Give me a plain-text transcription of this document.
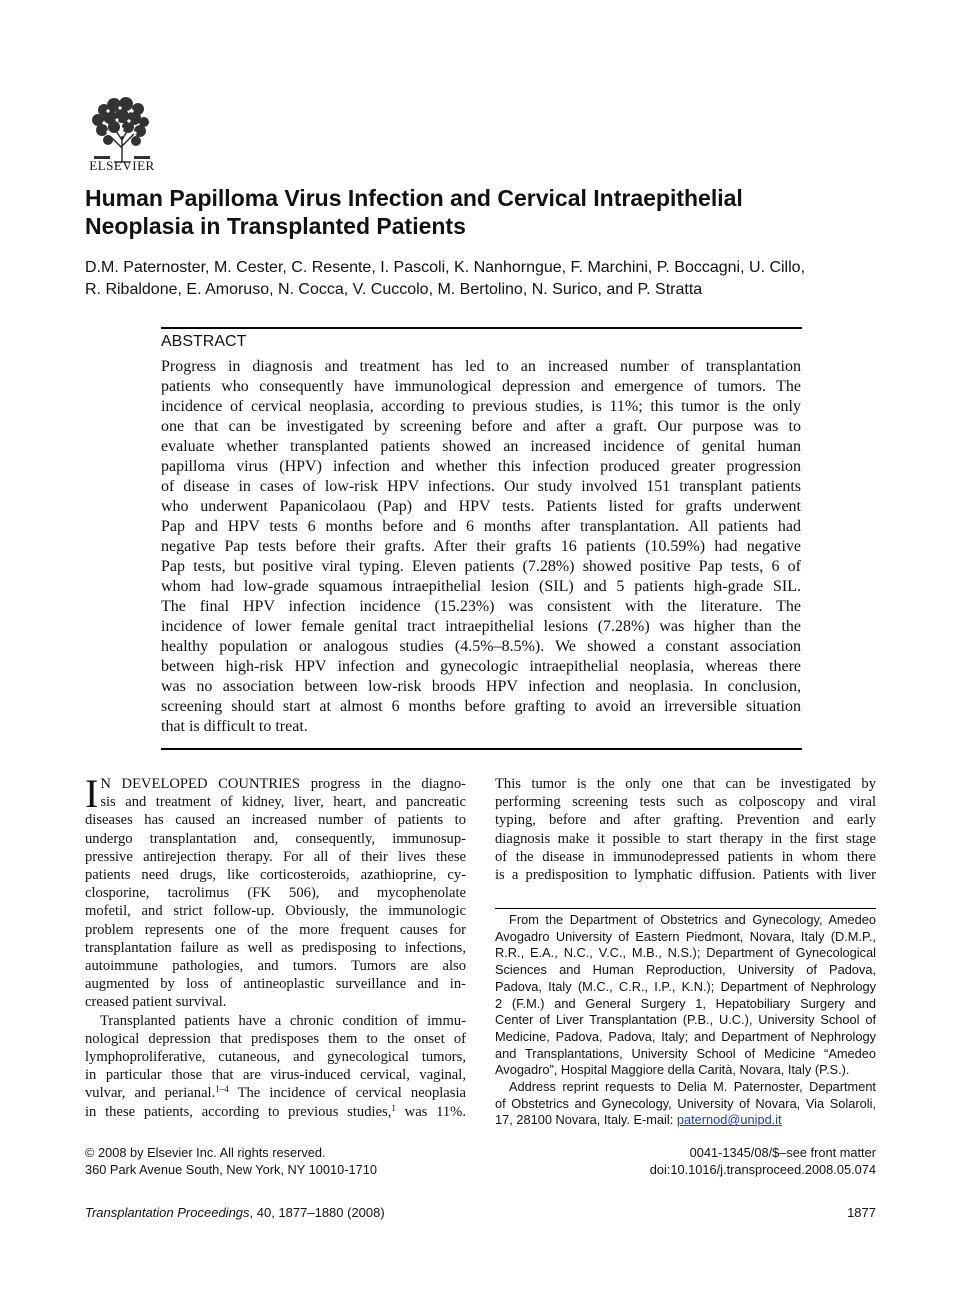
ELSEVIER
Human Papilloma Virus Infection and Cervical Intraepithelial
Neoplasia in Transplanted Patients
D.M. Paternoster, M. Cester, C. Resente, I. Pascoli, K. Nanhorngue, F. Marchini, P. Boccagni, U. Cillo,
R. Ribaldone, E. Amoruso, N. Cocca, V. Cuccolo, M. Bertolino, N. Surico, and P. Stratta
ABSTRACT
Progress in diagnosis and treatment has led to an increased number of transplantation
patients who consequently have immunological depression and emergence of tumors. The
incidence of cervical neoplasia, according to previous studies, is 11%; this tumor is the only
one that can be investigated by screening before and after a graft. Our purpose was to
evaluate whether transplanted patients showed an increased incidence of genital human
papilloma virus (HPV) infection and whether this infection produced greater progression
of disease in cases of low-risk HPV infections. Our study involved 151 transplant patients
who underwent Papanicolaou (Pap) and HPV tests. Patients listed for grafts underwent
Pap and HPV tests 6 months before and 6 months after transplantation. All patients had
negative Pap tests before their grafts. After their grafts 16 patients (10.59%) had negative
Pap tests, but positive viral typing. Eleven patients (7.28%) showed positive Pap tests, 6 of
whom had low-grade squamous intraepithelial lesion (SIL) and 5 patients high-grade SIL.
The final HPV infection incidence (15.23%) was consistent with the literature. The
incidence of lower female genital tract intraepithelial lesions (7.28%) was higher than the
healthy population or analogous studies (4.5%–8.5%). We showed a constant association
between high-risk HPV infection and gynecologic intraepithelial neoplasia, whereas there
was no association between low-risk broods HPV infection and neoplasia. In conclusion,
screening should start at almost 6 months before grafting to avoid an irreversible situation
that is difficult to treat.
I N DEVELOPED COUNTRIES progress in the diagno-
sis and treatment of kidney, liver, heart, and pancreatic
diseases has caused an increased number of patients to
undergo transplantation and, consequently, immunosup-
pressive antirejection therapy. For all of their lives these
patients need drugs, like corticosteroids, azathioprine, cy-
closporine, tacrolimus (FK 506), and mycophenolate
mofetil, and strict follow-up. Obviously, the immunologic
problem represents one of the more frequent causes for
transplantation failure as well as predisposing to infections,
autoimmune pathologies, and tumors. Tumors are also
augmented by loss of antineoplastic surveillance and in-
creased patient survival.
Transplanted patients have a chronic condition of immu-
nological depression that predisposes them to the onset of
lymphoproliferative, cutaneous, and gynecological tumors,
in particular those that are virus-induced cervical, vaginal,
vulvar, and perianal.$^{1-4}$ The incidence of cervical neoplasia
in these patients, according to previous studies,$^1$ was 11%.
This tumor is the only one that can be investigated by
performing screening tests such as colposcopy and viral
typing, before and after grafting. Prevention and early
diagnosis make it possible to start therapy in the first stage
of the disease in immunodepressed patients in whom there
is a predisposition to lymphatic diffusion. Patients with liver
From the Department of Obstetrics and Gynecology, Amedeo
Avogadro University of Eastern Piedmont, Novara, Italy (D.M.P.,
R.R., E.A., N.C., V.C., M.B., N.S.); Department of Gynecological
Sciences and Human Reproduction, University of Padova,
Padova, Italy (M.C., C.R., I.P., K.N.); Department of Nephrology
2 (F.M.) and General Surgery 1, Hepatobiliary Surgery and
Center of Liver Transplantation (P.B., U.C.), University School of
Medicine, Padova, Padova, Italy; and Department of Nephrology
and Transplantations, University School of Medicine “Amedeo
Avogadro”, Hospital Maggiore della Carità, Novara, Italy (P.S.).
Address reprint requests to Delia M. Paternoster, Department
of Obstetrics and Gynecology, University of Novara, Via Solaroli,
17, 28100 Novara, Italy. E-mail: paternod@unipd.it
© 2008 by Elsevier Inc. All rights reserved.
360 Park Avenue South, New York, NY 10010-1710
0041-1345/08/$–see front matter
doi:10.1016/j.transproceed.2008.05.074
Transplantation Proceedings, 40, 1877–1880 (2008)	1877
